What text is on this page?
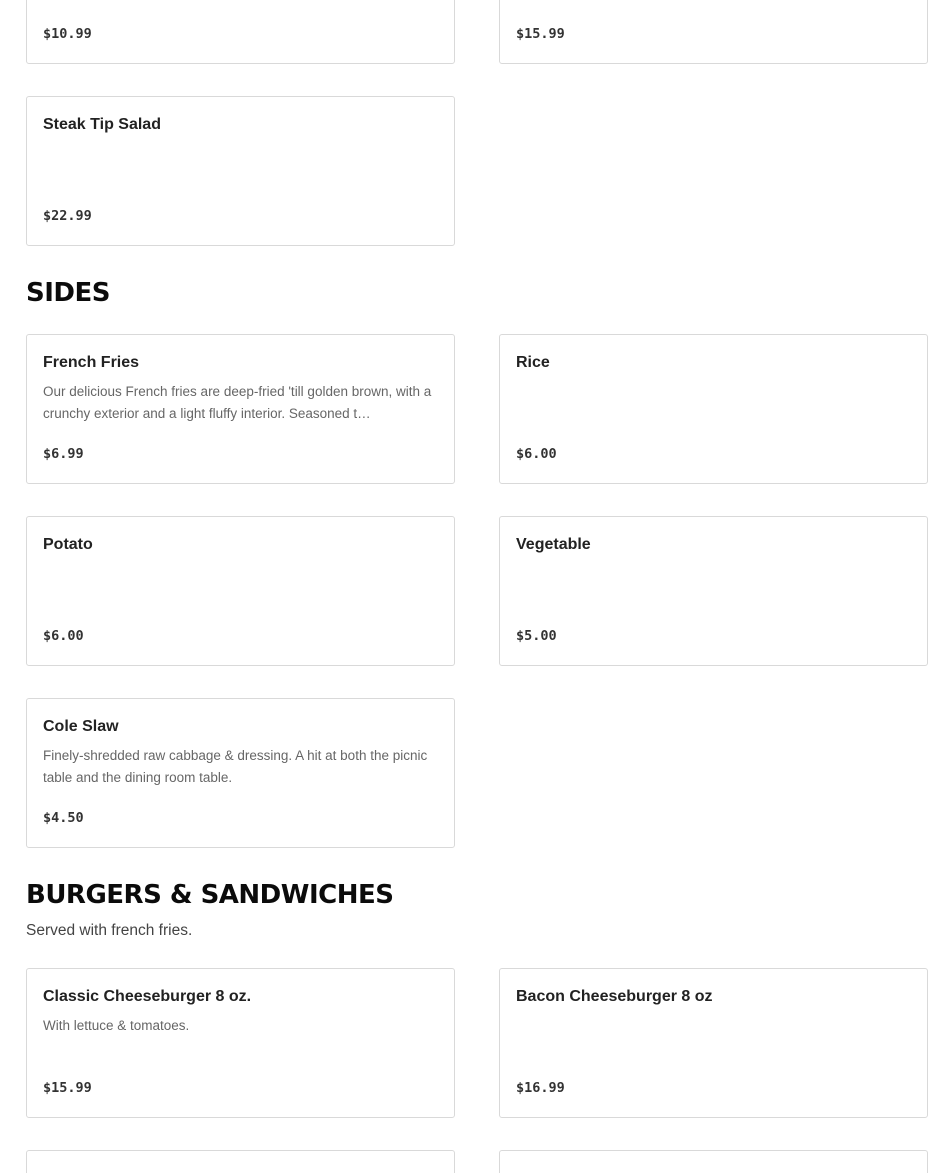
$10.99	$15.99
Steak Tip Salad
$22.99
SIDES
French Fries

Our delicious French fries are deep-fried 'till golden brown, with a crunchy exterior and a light fluffy interior. Seasoned t…

$6.99
Rice
$6.00
Potato
$6.00
Vegetable
$5.00
Cole Slaw

Finely-shredded raw cabbage & dressing. A hit at both the picnic table and the dining room table.

$4.50
BURGERS & SANDWICHES

Served with french fries.

Classic Cheeseburger 8 oz.

With lettuce & tomatoes.

$15.99
Bacon Cheeseburger 8 oz
$16.99
